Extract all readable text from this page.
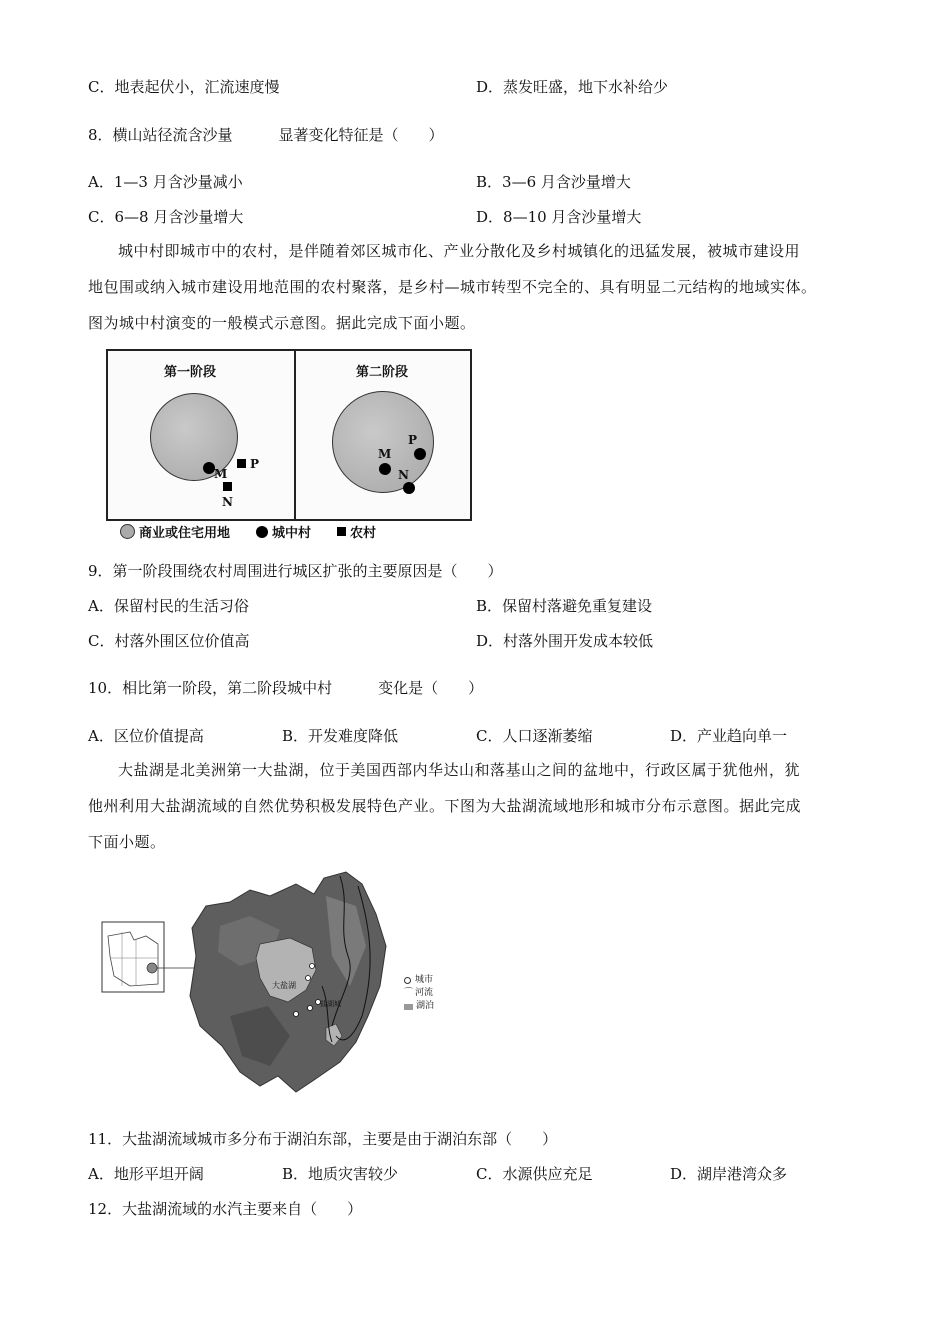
C．地表起伏小，汇流速度慢	D．蒸发旺盛，地下水补给少
8．横山站径流含沙量	显著变化特征是（　　）
A．1—3 月含沙量减小	B．3—6 月含沙量增大
C．6—8 月含沙量增大	D．8—10 月含沙量增大
城中村即城市中的农村，是伴随着郊区城市化、产业分散化及乡村城镇化的迅猛发展，被城市建设用
地包围或纳入城市建设用地范围的农村聚落，是乡村—城市转型不完全的、具有明显二元结构的地域实体。
图为城中村演变的一般模式示意图。据此完成下面小题。
第一阶段	第二阶段
M
P
N
M
P
N
商业或住宅用地	城中村	农村
9．第一阶段围绕农村周围进行城区扩张的主要原因是（　　）
A．保留村民的生活习俗	B．保留村落避免重复建设
C．村落外围区位价值高	D．村落外围开发成本较低
10．相比第一阶段，第二阶段城中村	变化是（　　）
A．区位价值提高	B．开发难度降低	C．人口逐渐萎缩	D．产业趋向单一
大盐湖是北美洲第一大盐湖，位于美国西部内华达山和落基山之间的盆地中，行政区属于犹他州，犹
他州利用大盐湖流域的自然优势积极发展特色产业。下图为大盐湖流域地形和城市分布示意图。据此完成
下面小题。
大盐湖
盐湖城
城市
⌒ 河流
湖泊
11．大盐湖流域城市多分布于湖泊东部，主要是由于湖泊东部（　　）
A．地形平坦开阔	B．地质灾害较少	C．水源供应充足	D．湖岸港湾众多
12．大盐湖流域的水汽主要来自（　　）
